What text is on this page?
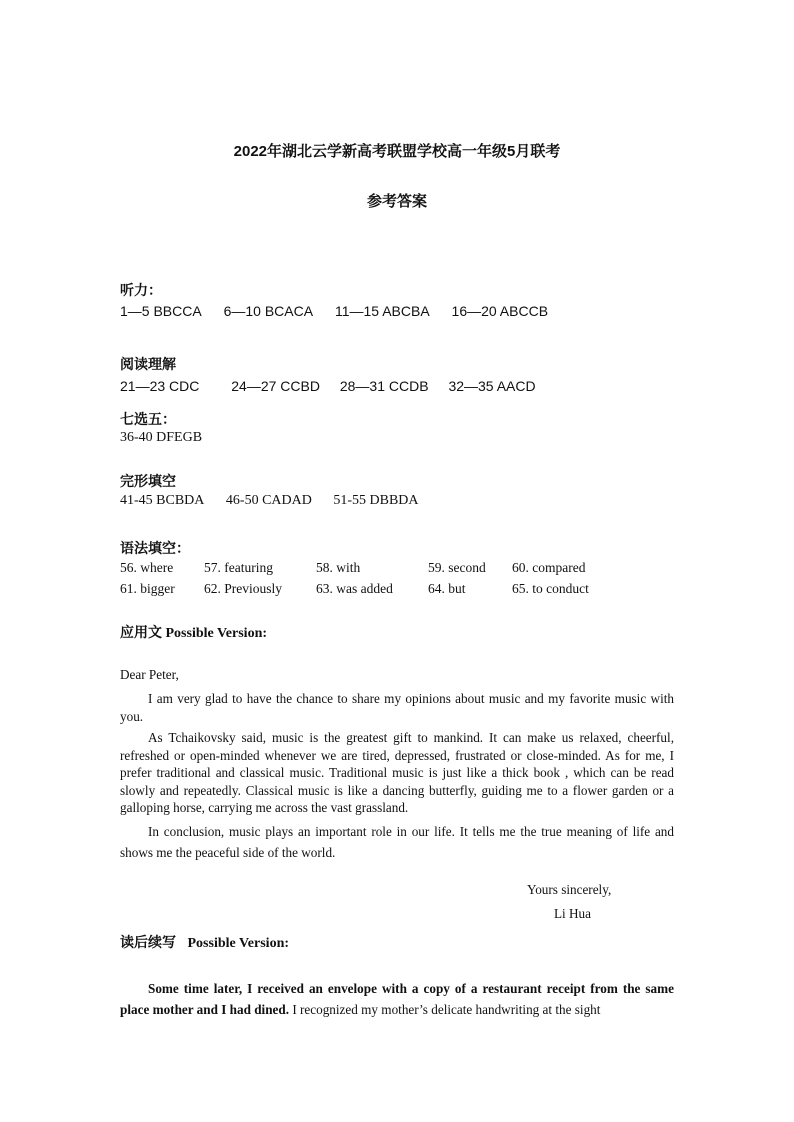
2022年湖北云学新高考联盟学校高一年级5月联考
参考答案
听力：
1—5 BBCCA 6—10 BCACA 11—15 ABCBA 16—20 ABCCB
阅读理解
21—23 CDC 24—27 CCBD 28—31 CCDB 32—35 AACD
七选五：
36-40 DFEGB
完形填空
41-45 BCBDA 46-50 CADAD 51-55 DBBDA
语法填空：
56. where	57. featuring	58. with	59. second	60. compared
61. bigger	62. Previously	63. was added	64. but	65. to conduct
应用文 Possible Version:
Dear Peter,
I am very glad to have the chance to share my opinions about music and my favorite music with you.
As Tchaikovsky said, music is the greatest gift to mankind. It can make us relaxed, cheerful, refreshed or open-minded whenever we are tired, depressed, frustrated or close-minded. As for me, I prefer traditional and classical music. Traditional music is just like a thick book , which can be read slowly and repeatedly. Classical music is like a dancing butterfly, guiding me to a flower garden or a galloping horse, carrying me across the vast grassland.
In conclusion, music plays an important role in our life. It tells me the true meaning of life and shows me the peaceful side of the world.
Yours sincerely,
Li Hua
读后续写 Possible Version:
Some time later, I received an envelope with a copy of a restaurant receipt from the same place mother and I had dined. I recognized my mother’s delicate handwriting at the sight
